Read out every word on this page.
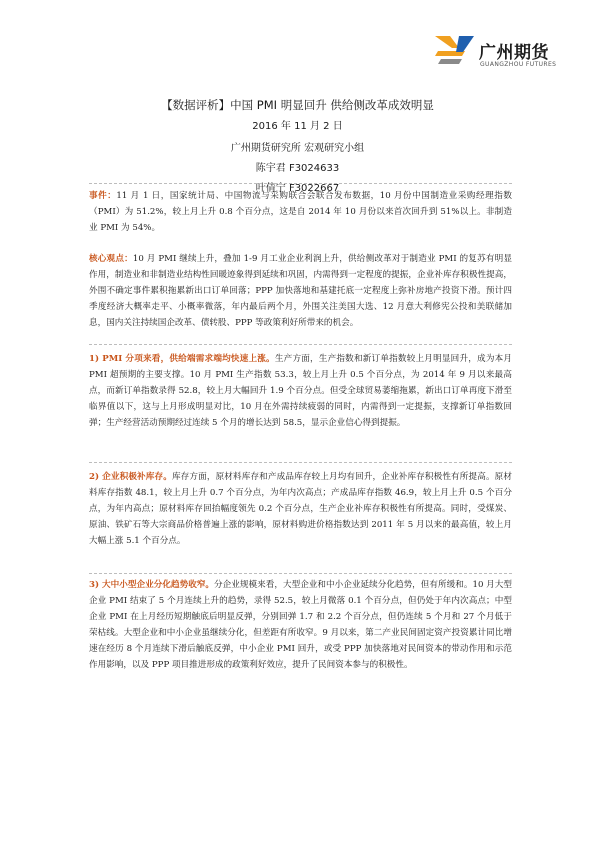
广州期货
GUANGZHOU FUTURES

【数据评析】中国 PMI 明显回升 供给侧改革成效明显

2016 年 11 月 2 日

广州期货研究所 宏观研究小组

陈宇君 F3024633

叶倩宁 F3022667

事件：11 月 1 日，国家统计局、中国物流与采购联合会联合发布数据，10 月份中国制造业采购经理指数（PMI）为 51.2%，较上月上升 0.8 个百分点，这是自 2014 年 10 月份以来首次回升到 51%以上。非制造业 PMI 为 54%。

核心观点：10 月 PMI 继续上升，叠加 1-9 月工业企业利润上升，供给侧改革对于制造业 PMI 的复苏有明显作用，制造业和非制造业结构性回暖迹象得到延续和巩固，内需得到一定程度的提振，企业补库存积极性提高，外围不确定事件累积拖累新出口订单回落；PPP 加快落地和基建托底一定程度上弥补房地产投资下滑。预计四季度经济大概率走平、小概率微落，年内最后两个月，外围关注美国大选、12 月意大利修宪公投和美联储加息，国内关注持续国企改革、债转股、PPP 等政策利好所带来的机会。

1) PMI 分项来看，供给端需求端均快速上涨。生产方面，生产指数和新订单指数较上月明显回升，成为本月 PMI 超预期的主要支撑。10 月 PMI 生产指数 53.3，较上月上升 0.5 个百分点，为 2014 年 9 月以来最高点，而新订单指数录得 52.8，较上月大幅回升 1.9 个百分点。但受全球贸易萎缩拖累，新出口订单再度下滑至临界值以下，这与上月形成明显对比，10 月在外需持续疲弱的同时，内需得到一定提振，支撑新订单指数回弹；生产经营活动预期经过连续 5 个月的增长达到 58.5，显示企业信心得到提振。

2) 企业积极补库存。库存方面，原材料库存和产成品库存较上月均有回升，企业补库存积极性有所提高。原材料库存指数 48.1，较上月上升 0.7 个百分点，为年内次高点；产成品库存指数 46.9，较上月上升 0.5 个百分点，为年内高点；原材料库存回抬幅度领先 0.2 个百分点，生产企业补库存积极性有所提高。同时，受煤炭、原油、铁矿石等大宗商品价格普遍上涨的影响，原材料购进价格指数达到 2011 年 5 月以来的最高值，较上月大幅上涨 5.1 个百分点。

3) 大中小型企业分化趋势收窄。分企业规模来看，大型企业和中小企业延续分化趋势，但有所缓和。10 月大型企业 PMI 结束了 5 个月连续上升的趋势，录得 52.5，较上月微落 0.1 个百分点，但仍处于年内次高点；中型企业 PMI 在上月经历短期触底后明显反弹，分别回弹 1.7 和 2.2 个百分点，但仍连续 5 个月和 27 个月低于荣枯线。大型企业和中小企业虽继续分化，但差距有所收窄。9 月以来，第二产业民间固定资产投资累计同比增速在经历 8 个月连续下滑后触底反弹，中小企业 PMI 回升，或受 PPP 加快落地对民间资本的带动作用和示范作用影响，以及 PPP 项目推进形成的政策利好效应，提升了民间资本参与的积极性。
